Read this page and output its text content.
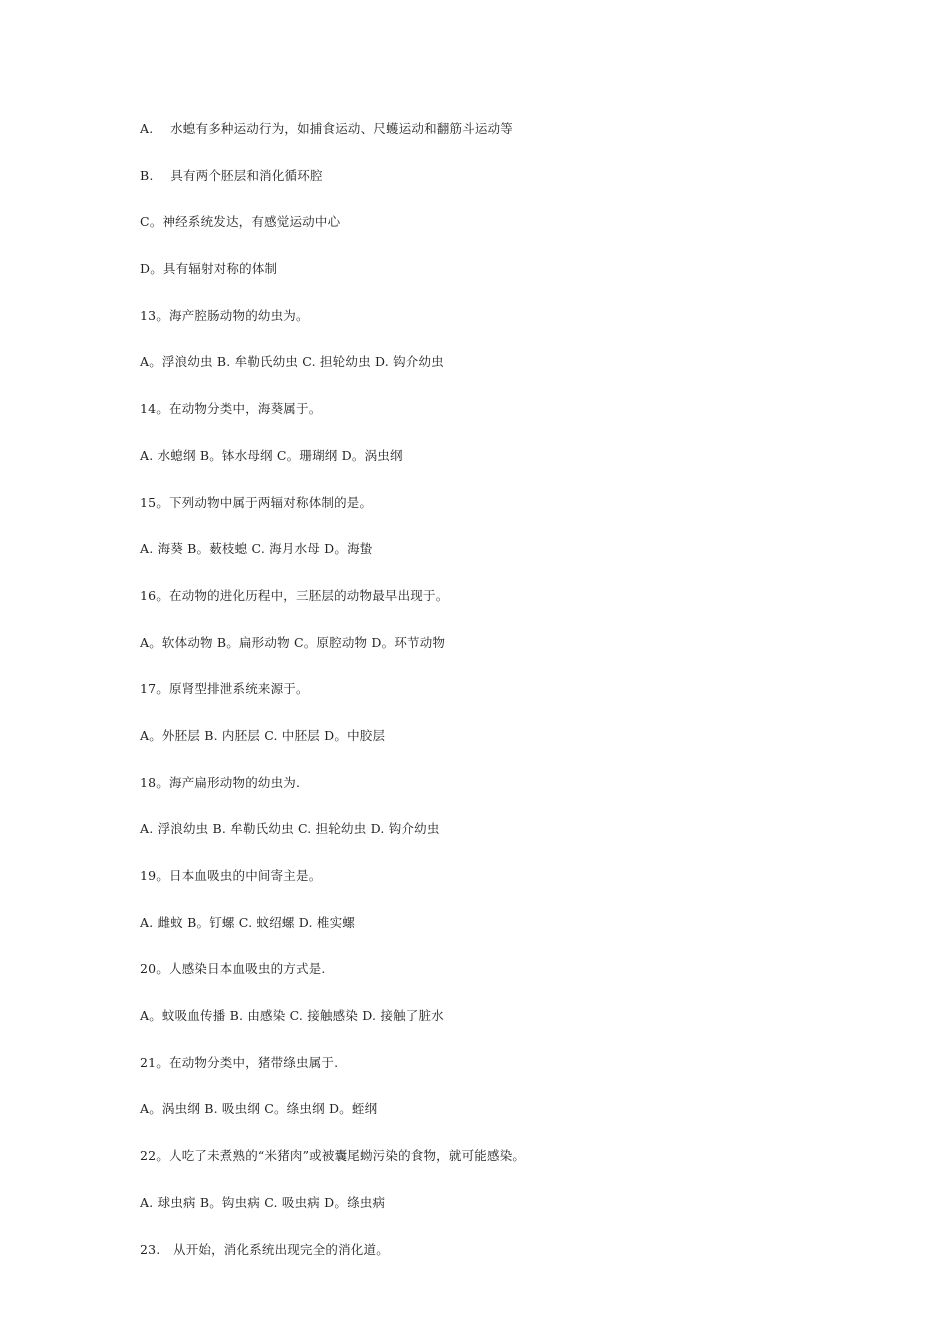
A.    水螅有多种运动行为，如捕食运动、尺蠖运动和翻筋斗运动等
B.    具有两个胚层和消化循环腔
C。神经系统发达，有感觉运动中心
D。具有辐射对称的体制
13。海产腔肠动物的幼虫为。
A。浮浪幼虫 B. 牟勒氏幼虫 C. 担轮幼虫 D. 钩介幼虫
14。在动物分类中，海葵属于。
A. 水螅纲 B。钵水母纲 C。珊瑚纲 D。涡虫纲
15。下列动物中属于两辐对称体制的是。
A. 海葵 B。薮枝螅 C. 海月水母 D。海蛰
16。在动物的进化历程中，三胚层的动物最早出现于。
A。软体动物 B。扁形动物 C。原腔动物 D。环节动物
17。原肾型排泄系统来源于。
A。外胚层 B. 内胚层 C. 中胚层 D。中胶层
18。海产扁形动物的幼虫为.
A. 浮浪幼虫 B. 牟勒氏幼虫 C. 担轮幼虫 D. 钩介幼虫
19。日本血吸虫的中间寄主是。
A. 雌蚊 B。钉螺 C. 蚊绍螺 D. 椎实螺
20。人感染日本血吸虫的方式是.
A。蚊吸血传播 B. 由感染 C. 接触感染 D. 接触了脏水
21。在动物分类中，猪带绦虫属于.
A。涡虫纲 B. 吸虫纲 C。绦虫纲 D。蛭纲
22。人吃了未煮熟的“米猪肉”或被囊尾蚴污染的食物，就可能感染。
A. 球虫病 B。钩虫病 C. 吸虫病 D。绦虫病
23.   从开始，消化系统出现完全的消化道。
